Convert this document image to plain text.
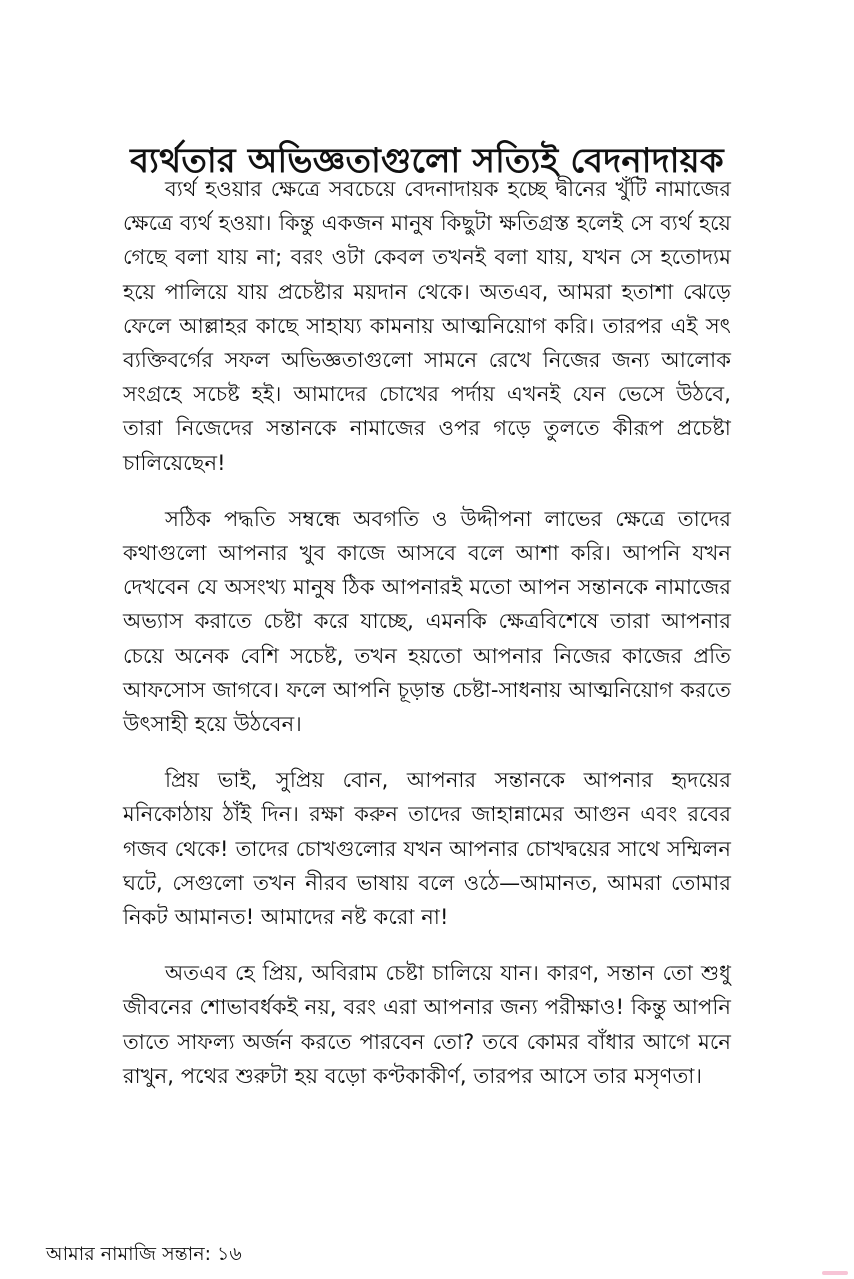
ব্যর্থতার অভিজ্ঞতাগুলো সত্যিই বেদনাদায়ক

ব্যর্থ হওয়ার ক্ষেত্রে সবচেয়ে বেদনাদায়ক হচ্ছে দ্বীনের খুঁটি নামাজের ক্ষেত্রে ব্যর্থ হওয়া। কিন্তু একজন মানুষ কিছুটা ক্ষতিগ্রস্ত হলেই সে ব্যর্থ হয়ে গেছে বলা যায় না; বরং ওটা কেবল তখনই বলা যায়, যখন সে হতোদ্যম হয়ে পালিয়ে যায় প্রচেষ্টার ময়দান থেকে। অতএব, আমরা হতাশা ঝেড়ে ফেলে আল্লাহর কাছে সাহায্য কামনায় আত্মনিয়োগ করি। তারপর এই সৎ ব্যক্তিবর্গের সফল অভিজ্ঞতাগুলো সামনে রেখে নিজের জন্য আলোক সংগ্রহে সচেষ্ট হই। আমাদের চোখের পর্দায় এখনই যেন ভেসে উঠবে, তারা নিজেদের সন্তানকে নামাজের ওপর গড়ে তুলতে কীরূপ প্রচেষ্টা চালিয়েছেন!

সঠিক পদ্ধতি সম্বন্ধে অবগতি ও উদ্দীপনা লাভের ক্ষেত্রে তাদের কথাগুলো আপনার খুব কাজে আসবে বলে আশা করি। আপনি যখন দেখবেন যে অসংখ্য মানুষ ঠিক আপনারই মতো আপন সন্তানকে নামাজের অভ্যাস করাতে চেষ্টা করে যাচ্ছে, এমনকি ক্ষেত্রবিশেষে তারা আপনার চেয়ে অনেক বেশি সচেষ্ট, তখন হয়তো আপনার নিজের কাজের প্রতি আফসোস জাগবে। ফলে আপনি চূড়ান্ত চেষ্টা-সাধনায় আত্মনিয়োগ করতে উৎসাহী হয়ে উঠবেন।

প্রিয় ভাই, সুপ্রিয় বোন, আপনার সন্তানকে আপনার হৃদয়ের মনিকোঠায় ঠাঁই দিন। রক্ষা করুন তাদের জাহান্নামের আগুন এবং রবের গজব থেকে! তাদের চোখগুলোর যখন আপনার চোখদ্বয়ের সাথে সম্মিলন ঘটে, সেগুলো তখন নীরব ভাষায় বলে ওঠে—আমানত, আমরা তোমার নিকট আমানত! আমাদের নষ্ট করো না!

অতএব হে প্রিয়, অবিরাম চেষ্টা চালিয়ে যান। কারণ, সন্তান তো শুধু জীবনের শোভাবর্ধকই নয়, বরং এরা আপনার জন্য পরীক্ষাও! কিন্তু আপনি তাতে সাফল্য অর্জন করতে পারবেন তো? তবে কোমর বাঁধার আগে মনে রাখুন, পথের শুরুটা হয় বড়ো কণ্টকাকীর্ণ, তারপর আসে তার মসৃণতা।

আমার নামাজি সন্তান: ১৬
